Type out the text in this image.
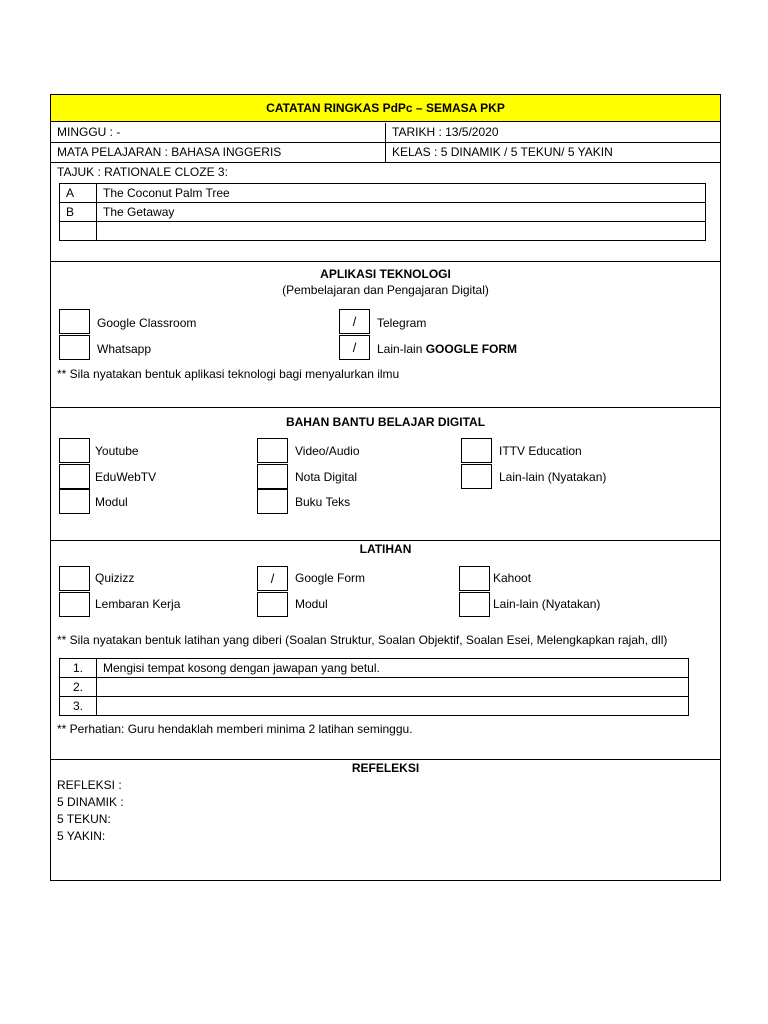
CATATAN RINGKAS PdPc – SEMASA PKP
MINGGU : -	TARIKH : 13/5/2020
MATA PELAJARAN : BAHASA INGGERIS	KELAS : 5 DINAMIK / 5 TEKUN/ 5 YAKIN
TAJUK : RATIONALE CLOZE 3:
A	The Coconut Palm Tree
B	The Getaway

APLIKASI TEKNOLOGI
(Pembelajaran dan Pengajaran Digital)
Google Classroom	/	Telegram
Whatsapp	/	Lain-lain GOOGLE FORM
** Sila nyatakan bentuk aplikasi teknologi bagi menyalurkan ilmu
BAHAN BANTU BELAJAR DIGITAL
Youtube	Video/Audio	ITTV Education
EduWebTV	Nota Digital	Lain-lain (Nyatakan)
Modul	Buku Teks
LATIHAN
Quizizz	/	Google Form	Kahoot
Lembaran Kerja	Modul	Lain-lain (Nyatakan)
** Sila nyatakan bentuk latihan yang diberi (Soalan Struktur, Soalan Objektif, Soalan Esei, Melengkapkan rajah, dll)
1.	Mengisi tempat kosong dengan jawapan yang betul.
2.	
3.	
** Perhatian: Guru hendaklah memberi minima 2 latihan seminggu.
REFELEKSI
REFLEKSI :
5 DINAMIK :
5 TEKUN:
5 YAKIN:
